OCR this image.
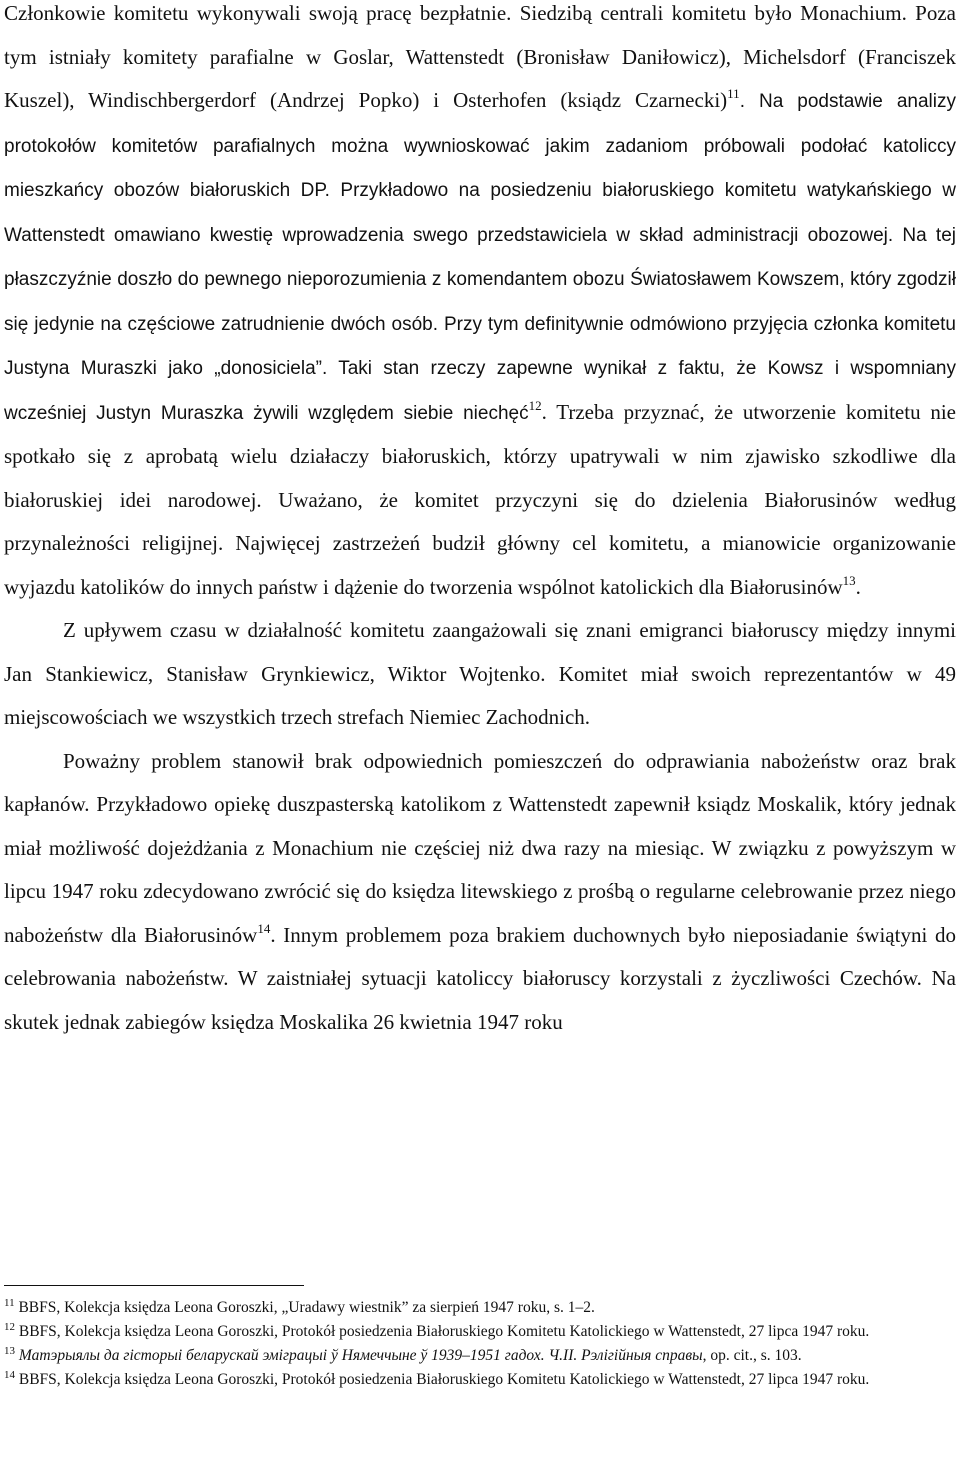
Członkowie komitetu wykonywali swoją pracę bezpłatnie. Siedzibą centrali komitetu było Monachium. Poza tym istniały komitety parafialne w Goslar, Wattenstedt (Bronisław Daniłowicz), Michelsdorf (Franciszek Kuszel), Windischbergerdorf (Andrzej Popko) i Osterhofen (ksiądz Czarnecki)$^{11}$. Na podstawie analizy protokołów komitetów parafialnych można wywnioskować jakim zadaniom próbowali podołać katoliccy mieszkańcy obozów białoruskich DP. Przykładowo na posiedzeniu białoruskiego komitetu watykańskiego w Wattenstedt omawiano kwestię wprowadzenia swego przedstawiciela w skład administracji obozowej. Na tej płaszczyźnie doszło do pewnego nieporozumienia z komendantem obozu Światosławem Kowszem, który zgodził się jedynie na częściowe zatrudnienie dwóch osób. Przy tym definitywnie odmówiono przyjęcia członka komitetu Justyna Muraszki jako „donosiciela”. Taki stan rzeczy zapewne wynikał z faktu, że Kowsz i wspomniany wcześniej Justyn Muraszka żywili względem siebie niechęć$^{12}$. Trzeba przyznać, że utworzenie komitetu nie spotkało się z aprobatą wielu działaczy białoruskich, którzy upatrywali w nim zjawisko szkodliwe dla białoruskiej idei narodowej. Uważano, że komitet przyczyni się do dzielenia Białorusinów według przynależności religijnej. Najwięcej zastrzeżeń budził główny cel komitetu, a mianowicie organizowanie wyjazdu katolików do innych państw i dążenie do tworzenia wspólnot katolickich dla Białorusinów$^{13}$.

Z upływem czasu w działalność komitetu zaangażowali się znani emigranci białoruscy między innymi Jan Stankiewicz, Stanisław Grynkiewicz, Wiktor Wojtenko. Komitet miał swoich reprezentantów w 49 miejscowościach we wszystkich trzech strefach Niemiec Zachodnich.

Poważny problem stanowił brak odpowiednich pomieszczeń do odprawiania nabożeństw oraz brak kapłanów. Przykładowo opiekę duszpasterską katolikom z Wattenstedt zapewnił ksiądz Moskalik, który jednak miał możliwość dojeżdżania z Monachium nie częściej niż dwa razy na miesiąc. W związku z powyższym w lipcu 1947 roku zdecydowano zwrócić się do księdza litewskiego z prośbą o regularne celebrowanie przez niego nabożeństw dla Białorusinów$^{14}$. Innym problemem poza brakiem duchownych było nieposiadanie świątyni do celebrowania nabożeństw. W zaistniałej sytuacji katoliccy białoruscy korzystali z życzliwości Czechów. Na skutek jednak zabiegów księdza Moskalika 26 kwietnia 1947 roku

$^{11}$ BBFS, Kolekcja księdza Leona Goroszki, „Uradawy wiestnik” za sierpień 1947 roku, s. 1–2.

$^{12}$ BBFS, Kolekcja księdza Leona Goroszki, Protokół posiedzenia Białoruskiego Komitetu Katolickiego w Wattenstedt, 27 lipca 1947 roku.

$^{13}$ Матэрыялы да гісторыі беларускай эміграцыі ў Нямеччыне ў 1939–1951 гадох. Ч.ІІ. Рэлігійныя справы, op. cit., s. 103.

$^{14}$ BBFS, Kolekcja księdza Leona Goroszki, Protokół posiedzenia Białoruskiego Komitetu Katolickiego w Wattenstedt, 27 lipca 1947 roku.
